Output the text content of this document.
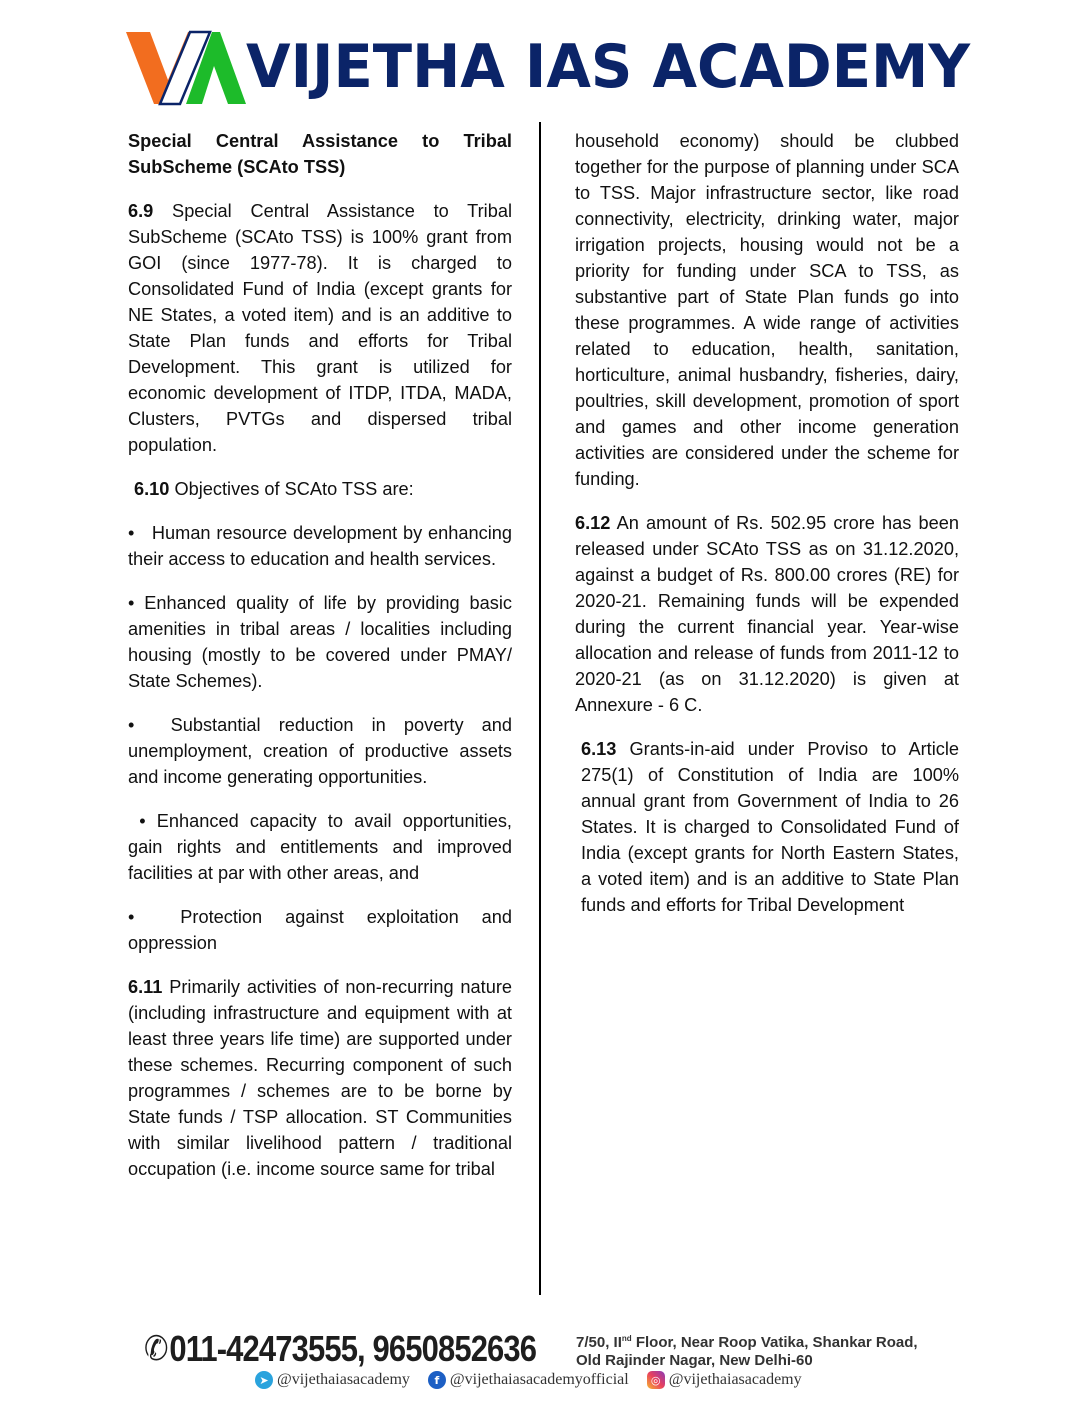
VIJETHA IAS ACADEMY

Special Central Assistance to Tribal SubScheme (SCAto TSS)

6.9 Special Central Assistance to Tribal SubScheme (SCAto TSS) is 100% grant from GOI (since 1977-78). It is charged to Consolidated Fund of India (except grants for NE States, a voted item) and is an additive to State Plan funds and efforts for Tribal Development. This grant is utilized for economic development of ITDP, ITDA, MADA, Clusters, PVTGs and dispersed tribal population.

6.10 Objectives of SCAto TSS are:

•   Human resource development by enhancing their access to education and health services.

• Enhanced quality of life by providing basic amenities in tribal areas / localities including housing (mostly to be covered under PMAY/ State Schemes).

•  Substantial reduction in poverty and unemployment, creation of productive assets and income generating opportunities.

• Enhanced capacity to avail opportunities, gain rights and entitlements and improved facilities at par with other areas, and

•  Protection against exploitation and oppression

6.11 Primarily activities of non-recurring nature (including infrastructure and equipment with at least three years life time) are supported under these schemes. Recurring component of such programmes / schemes are to be borne by State funds / TSP allocation. ST Communities with similar livelihood pattern / traditional occupation (i.e. income source same for tribal

household economy) should be clubbed together for the purpose of planning under SCA to TSS. Major infrastructure sector, like road connectivity, electricity, drinking water, major irrigation projects, housing would not be a priority for funding under SCA to TSS, as substantive part of State Plan funds go into these programmes. A wide range of activities related to education, health, sanitation, horticulture, animal husbandry, fisheries, dairy, poultries, skill development, promotion of sport and games and other income generation activities are considered under the scheme for funding.

6.12 An amount of Rs. 502.95 crore has been released under SCAto TSS as on 31.12.2020, against a budget of Rs. 800.00 crores (RE) for 2020-21. Remaining funds will be expended during the current financial year. Year-wise allocation and release of funds from 2011-12 to 2020-21 (as on 31.12.2020) is given at Annexure - 6 C.

6.13 Grants-in-aid under Proviso to Article 275(1) of Constitution of India are 100% annual grant from Government of India to 26 States. It is charged to Consolidated Fund of India (except grants for North Eastern States, a voted item) and is an additive to State Plan funds and efforts for Tribal Development

✆ 011-42473555, 9650852636	7/50, IInd Floor, Near Roop Vatika, Shankar Road,
Old Rajinder Nagar, New Delhi-60
➤ @vijethaiasacademy	f @vijethaiasacademyofficial	◎ @vijethaiasacademy
